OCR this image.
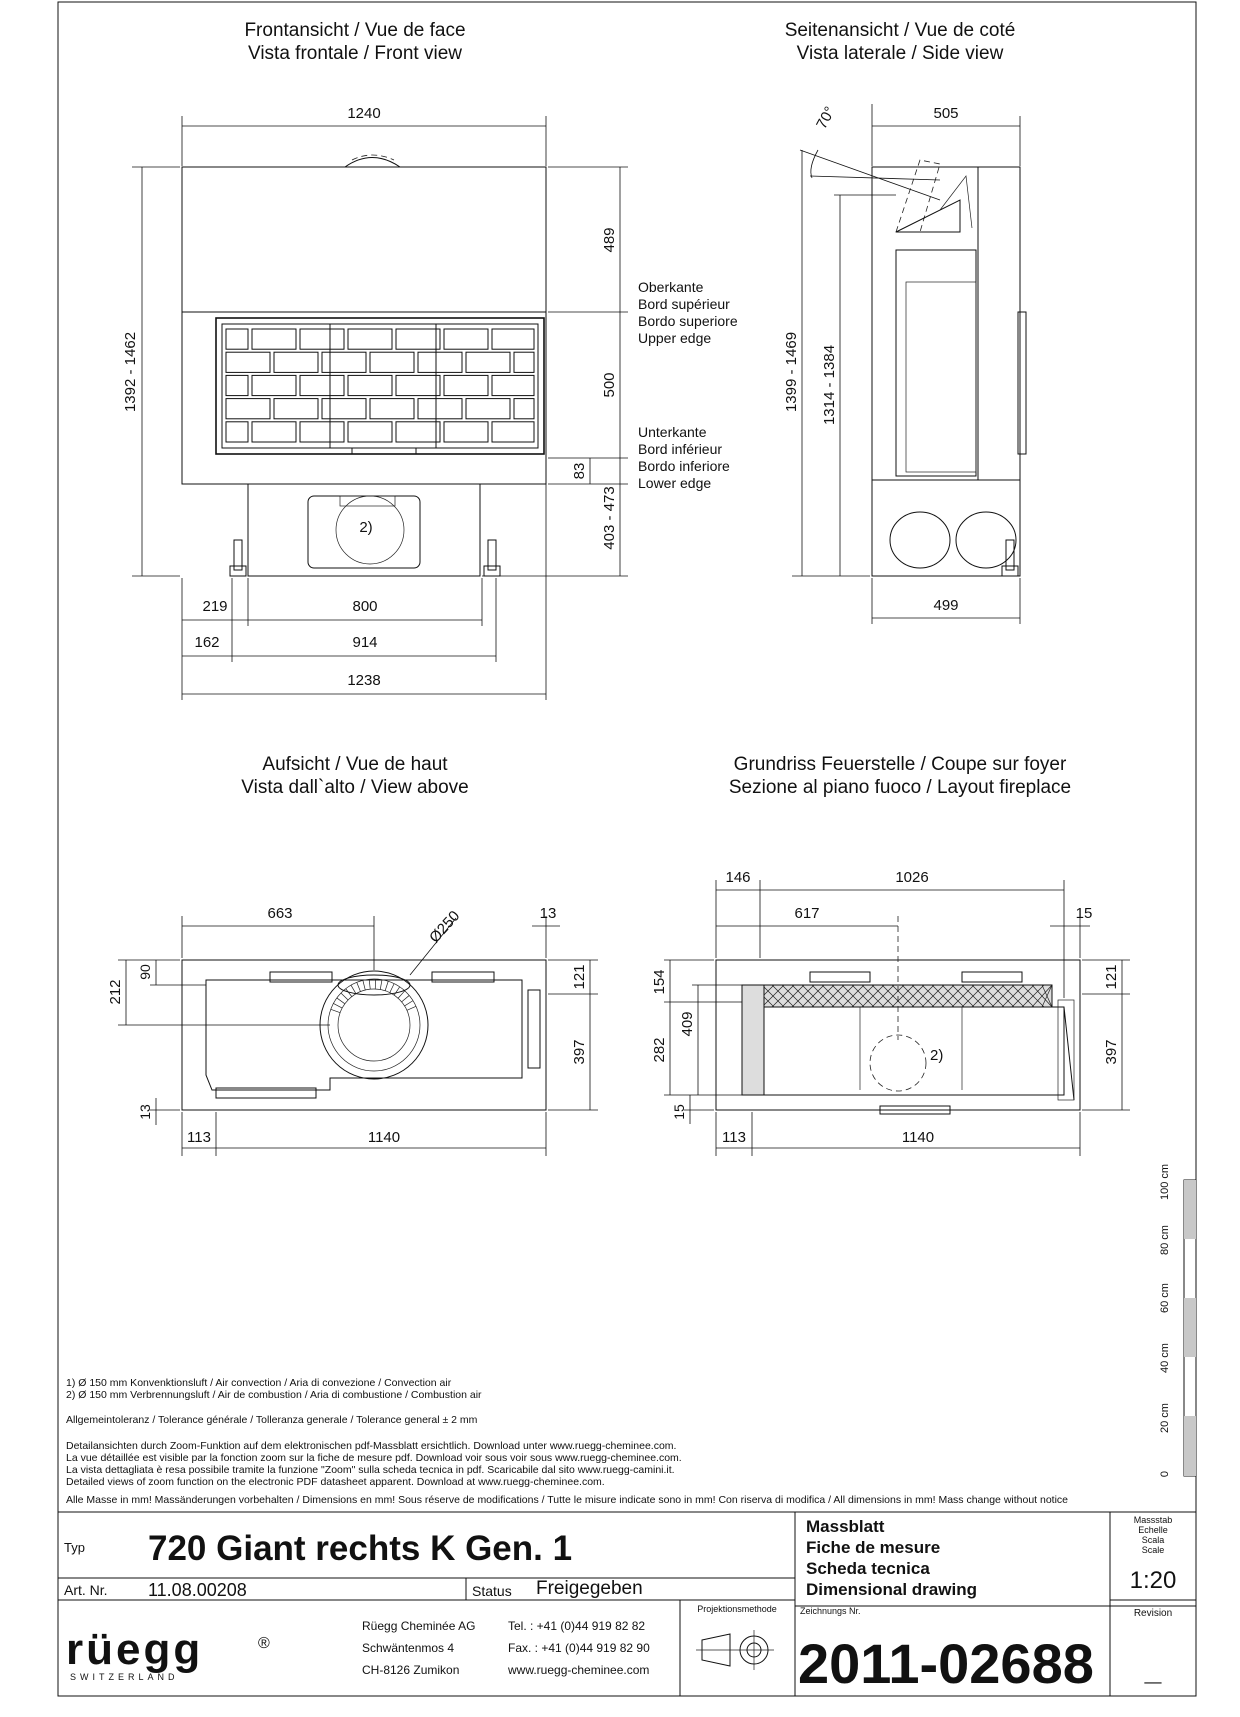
Frontansicht / Vue de face
Vista frontale / Front view
2)
1240
1392 - 1462
489
500
83
403 - 473
Oberkante
Bord supérieur
Bordo superiore
Upper edge
Unterkante
Bord inférieur
Bordo inferiore
Lower edge
219	800
162	914
1238
Seitenansicht / Vue de coté
Vista laterale / Side view
70°	505
1399 - 1469 1314 - 1384
499
Aufsicht / Vue de haut
Vista dall`alto / View above
Ø250
663	13
212
90	121
397
13
113	1140
Grundriss Feuerstelle / Coupe sur foyer
Sezione al piano fuoco / Layout fireplace
2)
146	1026
617	15
154
409
282
15
121
397
113	1140
0
20 cm
40 cm
60 cm
80 cm
100 cm
Typ 720 Giant rechts K Gen. 1
Art. Nr. 11.08.00208	Status Freigegeben
Massblatt
Fiche de mesure
Scheda tecnica
Dimensional drawing
Massstab
Echelle
Scala
Scale
1:20
Revision
_
Projektionsmethode	Zeichnungs Nr.
2011-02688
Rüegg Cheminée AG
Schwäntenmos 4
CH-8126 Zumikon
Tel. : +41 (0)44 919 82 82
Fax. : +41 (0)44 919 82 90
www.ruegg-cheminee.com
rüegg	®
SWITZERLAND
1) Ø 150 mm Konvenktionsluft / Air convection / Aria di convezione / Convection air
2) Ø 150 mm Verbrennungsluft / Air de combustion / Aria di combustione / Combustion air
Allgemeintoleranz / Tolerance générale / Tolleranza generale / Tolerance general ± 2 mm
Detailansichten durch Zoom-Funktion auf dem elektronischen pdf-Massblatt ersichtlich. Download unter www.ruegg-cheminee.com.
La vue détaillée est visible par la fonction zoom sur la fiche de mesure pdf. Download voir sous voir sous www.ruegg-cheminee.com.
La vista dettagliata è resa possibile tramite la funzione "Zoom" sulla scheda tecnica in pdf. Scaricabile dal sito www.ruegg-camini.it.
Detailed views of zoom function on the electronic PDF datasheet apparent. Download at www.ruegg-cheminee.com.
Alle Masse in mm! Massänderungen vorbehalten / Dimensions en mm! Sous réserve de modifications / Tutte le misure indicate sono in mm! Con riserva di modifica / All dimensions in mm! Mass change without notice
